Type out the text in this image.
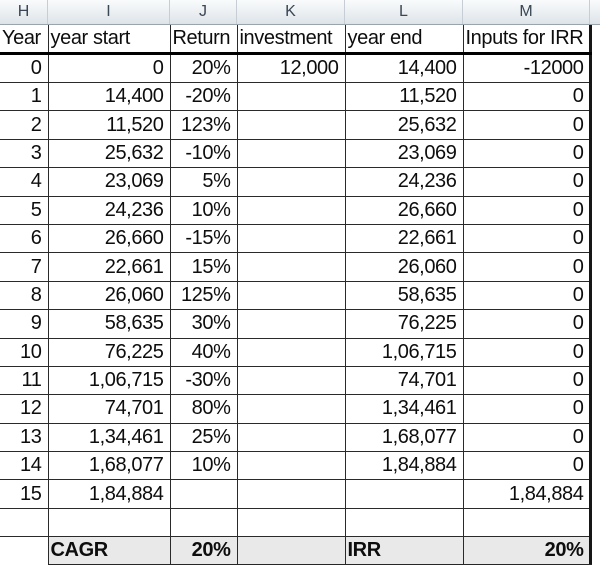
H	I	J	K	L	M
Year	year start	Return	investment	year end	Inputs for IRR
0	0	20%	12,000	14,400	-12000
1	14,400	-20%		11,520	0
2	11,520	123%		25,632	0
3	25,632	-10%		23,069	0
4	23,069	5%		24,236	0
5	24,236	10%		26,660	0
6	26,660	-15%		22,661	0
7	22,661	15%		26,060	0
8	26,060	125%		58,635	0
9	58,635	30%		76,225	0
10	76,225	40%		1,06,715	0
11	1,06,715	-30%		74,701	0
12	74,701	80%		1,34,461	0
13	1,34,461	25%		1,68,077	0
14	1,68,077	10%		1,84,884	0
15	1,84,884				1,84,884

	CAGR	20%		IRR	20%
